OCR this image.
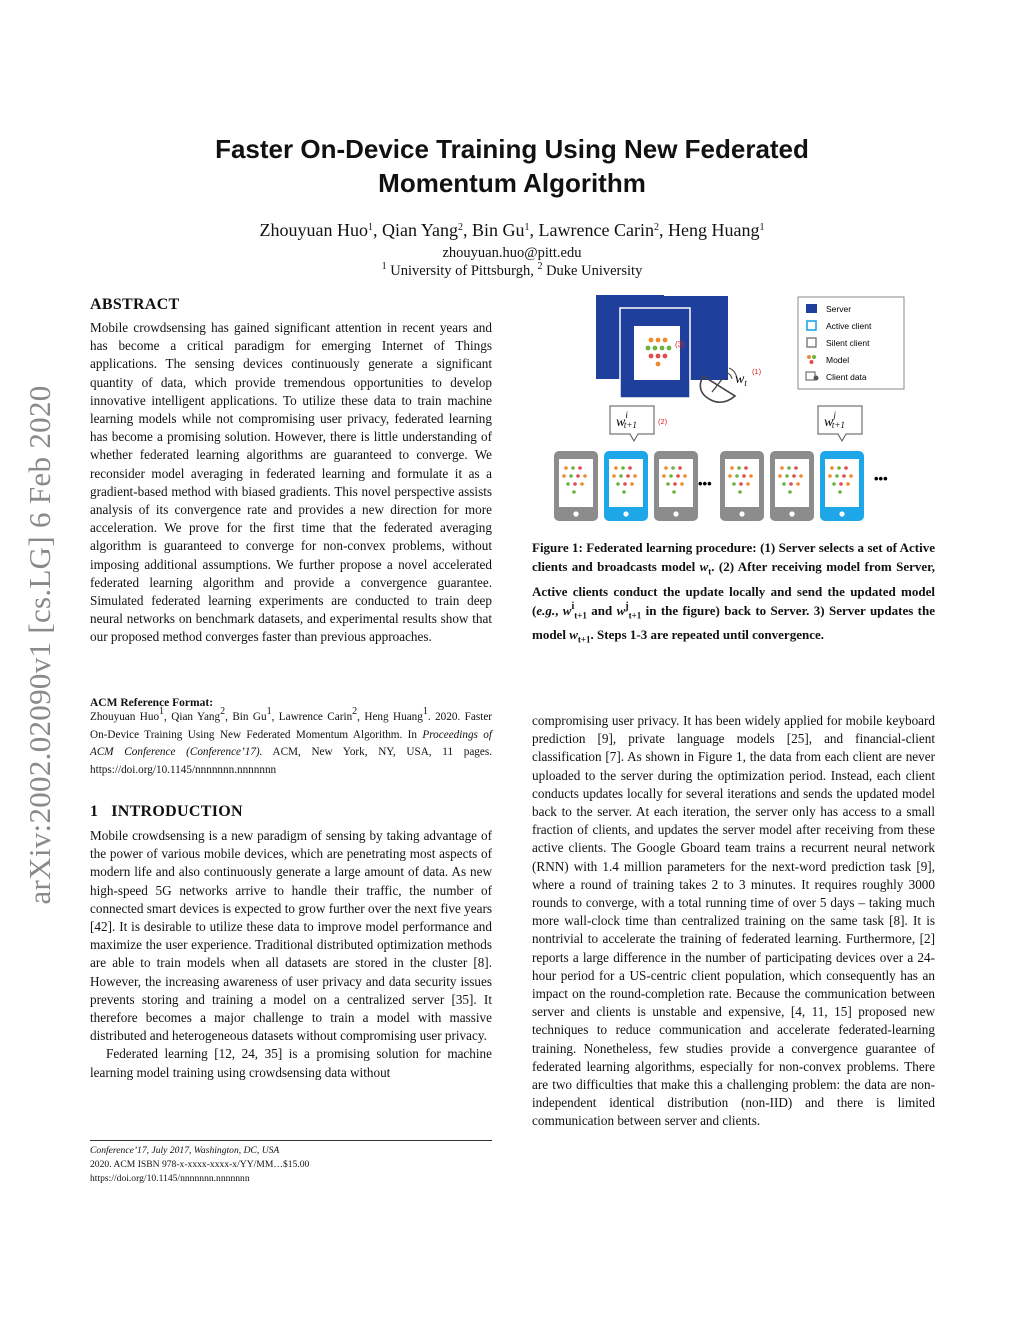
arXiv:2002.02090v1 [cs.LG] 6 Feb 2020
Faster On-Device Training Using New Federated
Momentum Algorithm
Zhouyuan Huo$^1$, Qian Yang$^2$, Bin Gu$^1$, Lawrence Carin$^2$, Heng Huang$^1$
zhouyuan.huo@pitt.edu
$^1$ University of Pittsburgh, $^2$ Duke University
ABSTRACT

Mobile crowdsensing has gained significant attention in recent years and has become a critical paradigm for emerging Internet of Things applications. The sensing devices continuously generate a significant quantity of data, which provide tremendous opportunities to develop innovative intelligent applications. To utilize these data to train machine learning models while not compromising user privacy, federated learning has become a promising solution. However, there is little understanding of whether federated learning algorithms are guaranteed to converge. We reconsider model averaging in federated learning and formulate it as a gradient-based method with biased gradients. This novel perspective assists analysis of its convergence rate and provides a new direction for more acceleration. We prove for the first time that the federated averaging algorithm is guaranteed to converge for non-convex problems, without imposing additional assumptions. We further propose a novel accelerated federated learning algorithm and provide a convergence guarantee. Simulated federated learning experiments are conducted to train deep neural networks on benchmark datasets, and experimental results show that our proposed method converges faster than previous approaches.

ACM Reference Format:

Zhouyuan Huo$^1$, Qian Yang$^2$, Bin Gu$^1$, Lawrence Carin$^2$, Heng Huang$^1$. 2020. Faster On-Device Training Using New Federated Momentum Algorithm. In Proceedings of ACM Conference (Conference’17). ACM, New York, NY, USA, 11 pages. https://doi.org/10.1145/nnnnnnn.nnnnnnn

1   INTRODUCTION

Mobile crowdsensing is a new paradigm of sensing by taking advantage of the power of various mobile devices, which are penetrating most aspects of modern life and also continuously generate a large amount of data. As new high-speed 5G networks arrive to handle their traffic, the number of connected smart devices is expected to grow further over the next five years [42]. It is desirable to utilize these data to improve model performance and maximize the user experience. Traditional distributed optimization methods are able to train models when all datasets are stored in the cluster [8]. However, the increasing awareness of user privacy and data security issues prevents storing and training a model on a centralized server [35]. It therefore becomes a major challenge to train a model with massive distributed and heterogeneous datasets without compromising user privacy.

Federated learning [12, 24, 35] is a promising solution for machine learning model training using crowdsensing data without

Conference’17, July 2017, Washington, DC, USA
2020. ACM ISBN 978-x-xxxx-xxxx-x/YY/MM…$15.00
https://doi.org/10.1145/nnnnnnn.nnnnnnn
(3)
$w_t$
(1)
Server
Active client
Silent client
Model
Client data
$w^i$ t+1	(2)	$w^j$ t+1
•••	•••

Figure 1: Federated learning procedure: (1) Server selects a set of Active clients and broadcasts model $w_t$. (2) After receiving model from Server, Active clients conduct the update locally and send the updated model (e.g., $w^i_{t+1}$ and $w^j_{t+1}$ in the figure) back to Server. 3) Server updates the model $w_{t+1}$. Steps 1-3 are repeated until convergence.

compromising user privacy. It has been widely applied for mobile keyboard prediction [9], private language models [25], and financial-client classification [7]. As shown in Figure 1, the data from each client are never uploaded to the server during the optimization period. Instead, each client conducts updates locally for several iterations and sends the updated model back to the server. At each iteration, the server only has access to a small fraction of clients, and updates the server model after receiving from these active clients. The Google Gboard team trains a recurrent neural network (RNN) with 1.4 million parameters for the next-word prediction task [9], where a round of training takes 2 to 3 minutes. It requires roughly 3000 rounds to converge, with a total running time of over 5 days – taking much more wall-clock time than centralized training on the same task [8]. It is nontrivial to accelerate the training of federated learning. Furthermore, [2] reports a large difference in the number of participating devices over a 24-hour period for a US-centric client population, which consequently has an impact on the round-completion rate. Because the communication between server and clients is unstable and expensive, [4, 11, 15] proposed new techniques to reduce communication and accelerate federated-learning training. Nonetheless, few studies provide a convergence guarantee of federated learning algorithms, especially for non-convex problems. There are two difficulties that make this a challenging problem: the data are non-independent identical distribution (non-IID) and there is limited communication between server and clients.
